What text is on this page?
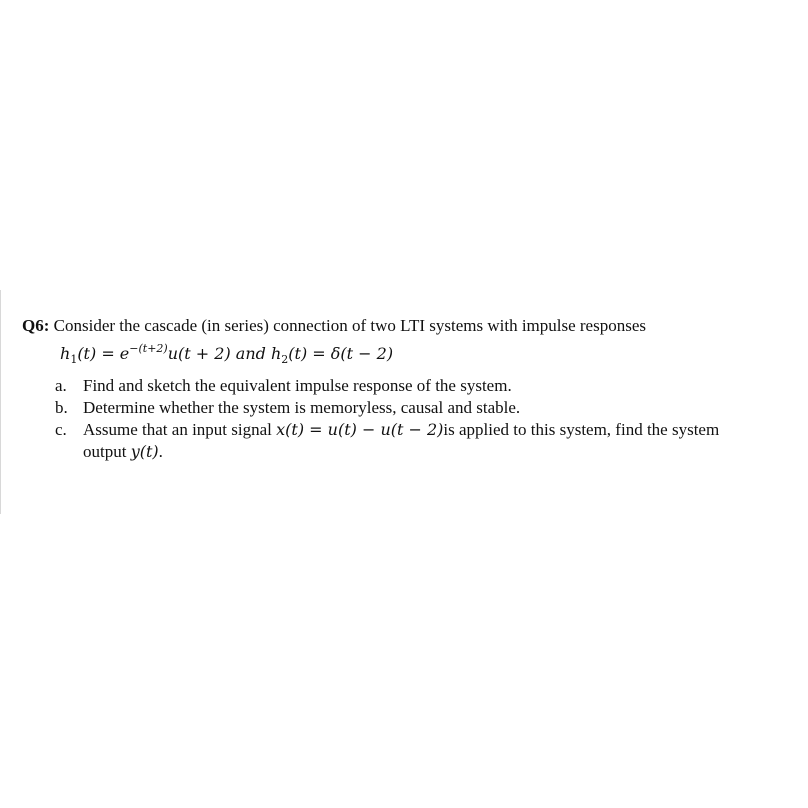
Q6: Consider the cascade (in series) connection of two LTI systems with impulse responses
$h_1(t) = e^{-(t+2)}u(t + 2)$ and $h_2(t) = \delta(t - 2)$
a. Find and sketch the equivalent impulse response of the system.
b. Determine whether the system is memoryless, causal and stable.
c. Assume that an input signal x(t) = u(t) − u(t − 2)is applied to this system, find the system
output y(t).
